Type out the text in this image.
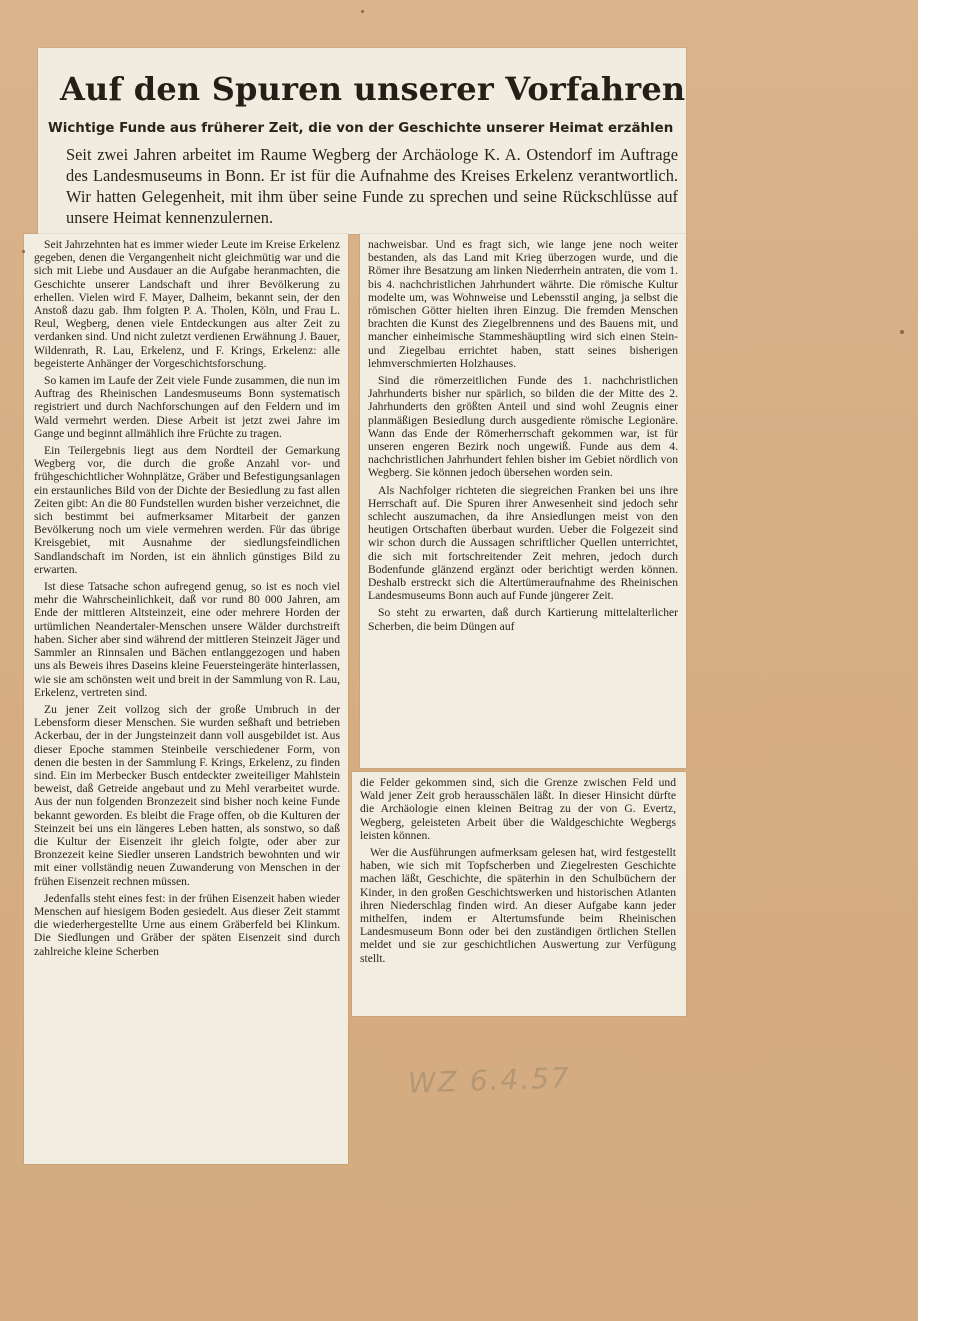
Auf den Spuren unserer Vorfahren
Wichtige Funde aus früherer Zeit, die von der Geschichte unserer Heimat erzählen
Seit zwei Jahren arbeitet im Raume Wegberg der Archäologe K. A. Ostendorf im Auftrage des Landesmuseums in Bonn. Er ist für die Aufnahme des Kreises Erkelenz verantwortlich. Wir hatten Gelegenheit, mit ihm über seine Funde zu sprechen und seine Rückschlüsse auf unsere Heimat kennenzulernen.

Seit Jahrzehnten hat es immer wieder Leute im Kreise Erkelenz gegeben, denen die Vergangenheit nicht gleichmütig war und die sich mit Liebe und Ausdauer an die Aufgabe heranmachten, die Geschichte unserer Landschaft und ihrer Bevölkerung zu erhellen. Vielen wird F. Mayer, Dalheim, bekannt sein, der den Anstoß dazu gab. Ihm folgten P. A. Tholen, Köln, und Frau L. Reul, Wegberg, denen viele Entdeckungen aus alter Zeit zu verdanken sind. Und nicht zuletzt verdienen Erwähnung J. Bauer, Wildenrath, R. Lau, Erkelenz, und F. Krings, Erkelenz: alle begeisterte Anhänger der Vorgeschichtsforschung.

So kamen im Laufe der Zeit viele Funde zusammen, die nun im Auftrag des Rheinischen Landesmuseums Bonn systematisch registriert und durch Nachforschungen auf den Feldern und im Wald vermehrt werden. Diese Arbeit ist jetzt zwei Jahre im Gange und beginnt allmählich ihre Früchte zu tragen.

Ein Teilergebnis liegt aus dem Nordteil der Gemarkung Wegberg vor, die durch die große Anzahl vor- und frühgeschichtlicher Wohnplätze, Gräber und Befestigungsanlagen ein erstaunliches Bild von der Dichte der Besiedlung zu fast allen Zeiten gibt: An die 80 Fundstellen wurden bisher verzeichnet, die sich bestimmt bei aufmerksamer Mitarbeit der ganzen Bevölkerung noch um viele vermehren werden. Für das übrige Kreisgebiet, mit Ausnahme der siedlungsfeindlichen Sandlandschaft im Norden, ist ein ähnlich günstiges Bild zu erwarten.

Ist diese Tatsache schon aufregend genug, so ist es noch viel mehr die Wahrscheinlichkeit, daß vor rund 80 000 Jahren, am Ende der mittleren Altsteinzeit, eine oder mehrere Horden der urtümlichen Neandertaler-Menschen unsere Wälder durchstreift haben. Sicher aber sind während der mittleren Steinzeit Jäger und Sammler an Rinnsalen und Bächen entlanggezogen und haben uns als Beweis ihres Daseins kleine Feuersteingeräte hinterlassen, wie sie am schönsten weit und breit in der Sammlung von R. Lau, Erkelenz, vertreten sind.

Zu jener Zeit vollzog sich der große Umbruch in der Lebensform dieser Menschen. Sie wurden seßhaft und betrieben Ackerbau, der in der Jungsteinzeit dann voll ausgebildet ist. Aus dieser Epoche stammen Steinbeile verschiedener Form, von denen die besten in der Sammlung F. Krings, Erkelenz, zu finden sind. Ein im Merbecker Busch entdeckter zweiteiliger Mahlstein beweist, daß Getreide angebaut und zu Mehl verarbeitet wurde. Aus der nun folgenden Bronzezeit sind bisher noch keine Funde bekannt geworden. Es bleibt die Frage offen, ob die Kulturen der Steinzeit bei uns ein längeres Leben hatten, als sonstwo, so daß die Kultur der Eisenzeit ihr gleich folgte, oder aber zur Bronzezeit keine Siedler unseren Landstrich bewohnten und wir mit einer vollständig neuen Zuwanderung von Menschen in der frühen Eisenzeit rechnen müssen.

Jedenfalls steht eines fest: in der frühen Eisenzeit haben wieder Menschen auf hiesigem Boden gesiedelt. Aus dieser Zeit stammt die wiederhergestellte Urne aus einem Gräberfeld bei Klinkum. Die Siedlungen und Gräber der späten Eisenzeit sind durch zahlreiche kleine Scherben

nachweisbar. Und es fragt sich, wie lange jene noch weiter bestanden, als das Land mit Krieg überzogen wurde, und die Römer ihre Besatzung am linken Niederrhein antraten, die vom 1. bis 4. nachchristlichen Jahrhundert währte. Die römische Kultur modelte um, was Wohnweise und Lebensstil anging, ja selbst die römischen Götter hielten ihren Einzug. Die fremden Menschen brachten die Kunst des Ziegelbrennens und des Bauens mit, und mancher einheimische Stammeshäuptling wird sich einen Stein- und Ziegelbau errichtet haben, statt seines bisherigen lehmverschmierten Holzhauses.

Sind die römerzeitlichen Funde des 1. nachchristlichen Jahrhunderts bisher nur spärlich, so bilden die der Mitte des 2. Jahrhunderts den größten Anteil und sind wohl Zeugnis einer planmäßigen Besiedlung durch ausgediente römische Legionäre. Wann das Ende der Römerherrschaft gekommen war, ist für unseren engeren Bezirk noch ungewiß. Funde aus dem 4. nachchristlichen Jahrhundert fehlen bisher im Gebiet nördlich von Wegberg. Sie können jedoch übersehen worden sein.

Als Nachfolger richteten die siegreichen Franken bei uns ihre Herrschaft auf. Die Spuren ihrer Anwesenheit sind jedoch sehr schlecht auszumachen, da ihre Ansiedlungen meist von den heutigen Ortschaften überbaut wurden. Ueber die Folgezeit sind wir schon durch die Aussagen schriftlicher Quellen unterrichtet, die sich mit fortschreitender Zeit mehren, jedoch durch Bodenfunde glänzend ergänzt oder berichtigt werden können. Deshalb erstreckt sich die Altertümeraufnahme des Rheinischen Landesmuseums Bonn auch auf Funde jüngerer Zeit.

So steht zu erwarten, daß durch Kartierung mittelalterlicher Scherben, die beim Düngen auf

die Felder gekommen sind, sich die Grenze zwischen Feld und Wald jener Zeit grob herausschälen läßt. In dieser Hinsicht dürfte die Archäologie einen kleinen Beitrag zu der von G. Evertz, Wegberg, geleisteten Arbeit über die Waldgeschichte Wegbergs leisten können.

Wer die Ausführungen aufmerksam gelesen hat, wird festgestellt haben, wie sich mit Topfscherben und Ziegelresten Geschichte machen läßt, Geschichte, die späterhin in den Schulbüchern der Kinder, in den großen Geschichtswerken und historischen Atlanten ihren Niederschlag finden wird. An dieser Aufgabe kann jeder mithelfen, indem er Altertumsfunde beim Rheinischen Landesmuseum Bonn oder bei den zuständigen örtlichen Stellen meldet und sie zur geschichtlichen Auswertung zur Verfügung stellt.

WZ 6.4.57
